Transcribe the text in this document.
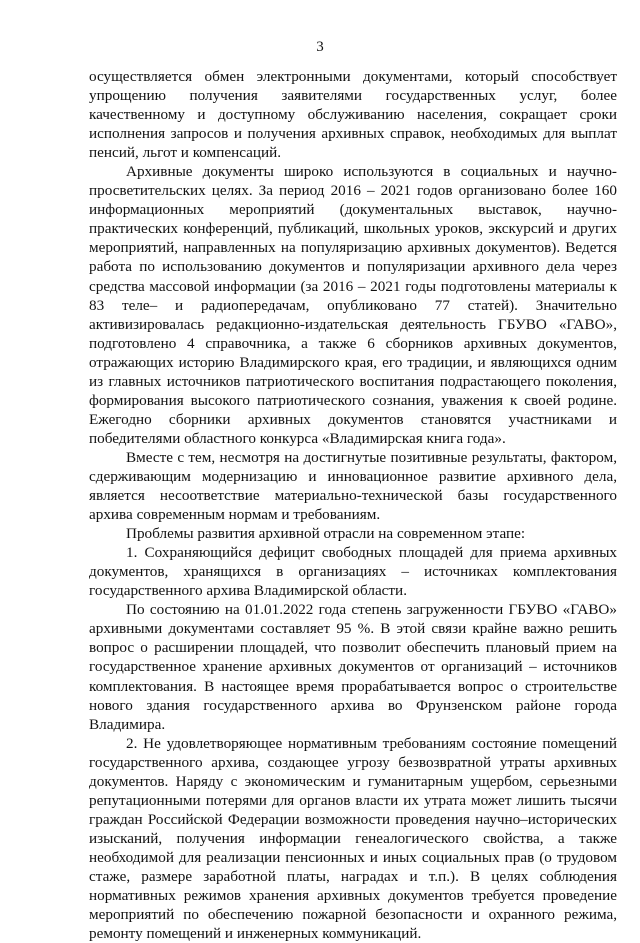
3

осуществляется обмен электронными документами, который способствует упрощению получения заявителями государственных услуг, более качественному и доступному обслуживанию населения, сокращает сроки исполнения запросов и получения архивных справок, необходимых для выплат пенсий, льгот и компенсаций.

Архивные документы широко используются в социальных и научно-просветительских целях. За период 2016 – 2021 годов организовано более 160 информационных мероприятий (документальных выставок, научно-практических конференций, публикаций, школьных уроков, экскурсий и других мероприятий, направленных на популяризацию архивных документов). Ведется работа по использованию документов и популяризации архивного дела через средства массовой информации (за 2016 – 2021 годы подготовлены материалы к 83 теле– и радиопередачам, опубликовано 77 статей). Значительно активизировалась редакционно-издательская деятельность ГБУВО «ГАВО», подготовлено 4 справочника, а также 6 сборников архивных документов, отражающих историю Владимирского края, его традиции, и являющихся одним из главных источников патриотического воспитания подрастающего поколения, формирования высокого патриотического сознания, уважения к своей родине. Ежегодно сборники архивных документов становятся участниками и победителями областного конкурса «Владимирская книга года».

Вместе с тем, несмотря на достигнутые позитивные результаты, фактором, сдерживающим модернизацию и инновационное развитие архивного дела, является несоответствие материально-технической базы государственного архива современным нормам и требованиям.

Проблемы развития архивной отрасли на современном этапе:

1. Сохраняющийся дефицит свободных площадей для приема архивных документов, хранящихся в организациях – источниках комплектования государственного архива Владимирской области.

По состоянию на 01.01.2022 года степень загруженности ГБУВО «ГАВО» архивными документами составляет 95 %. В этой связи крайне важно решить вопрос о расширении площадей, что позволит обеспечить плановый прием на государственное хранение архивных документов от организаций – источников комплектования. В настоящее время прорабатывается вопрос о строительстве нового здания государственного архива во Фрунзенском районе города Владимира.

2. Не удовлетворяющее нормативным требованиям состояние помещений государственного архива, создающее угрозу безвозвратной утраты архивных документов. Наряду с экономическим и гуманитарным ущербом, серьезными репутационными потерями для органов власти их утрата может лишить тысячи граждан Российской Федерации возможности проведения научно–исторических изысканий, получения информации генеалогического свойства, а также необходимой для реализации пенсионных и иных социальных прав (о трудовом стаже, размере заработной платы, наградах и т.п.). В целях соблюдения нормативных режимов хранения архивных документов требуется проведение мероприятий по обеспечению пожарной безопасности и охранного режима, ремонту помещений и инженерных коммуникаций.
